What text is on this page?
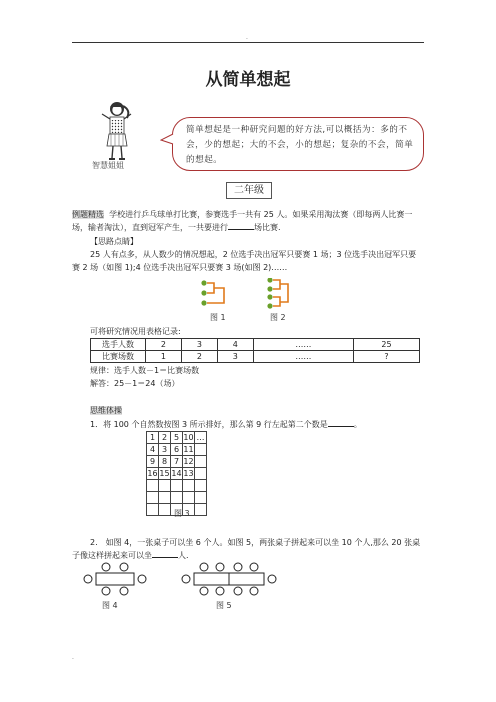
.
从简单想起
智慧姐姐
简单想起是一种研究问题的好方法,可以概括为：多的不会，少的想起；大的不会，小的想起；复杂的不会，简单的想起。
二年级
例题精选 学校进行乒乓球单打比赛，参赛选手一共有 25 人。如果采用淘汰赛（即每两人比赛一场，输者淘汰），直到冠军产生，一共要进行	场比赛.
【思路点睛】
25 人有点多，从人数少的情况想起，2 位选手决出冠军只要赛 1 场；3 位选手决出冠军只要赛 2 场（如图 1);4 位选手决出冠军只要赛 3 场(如图 2)……
图 1	图 2
可将研究情况用表格记录:
选手人数	2	3	4	……	25
比赛场数	1	2	3	……	?
规律：选手人数－1＝比赛场数
解答：25－1＝24（场）
思维体操
1．将 100 个自然数按图 3 所示排好，那么第 9 行左起第二个数是	。
1	2	5	10	…
4	3	6	11	
9	8	7	12	
16	15	14	13	

图 3
2.　如图 4，一张桌子可以坐 6 个人。如图 5，两张桌子拼起来可以坐 10 个人,那么 20 张桌子像这样拼起来可以坐	人.
图 4	图 5
.
